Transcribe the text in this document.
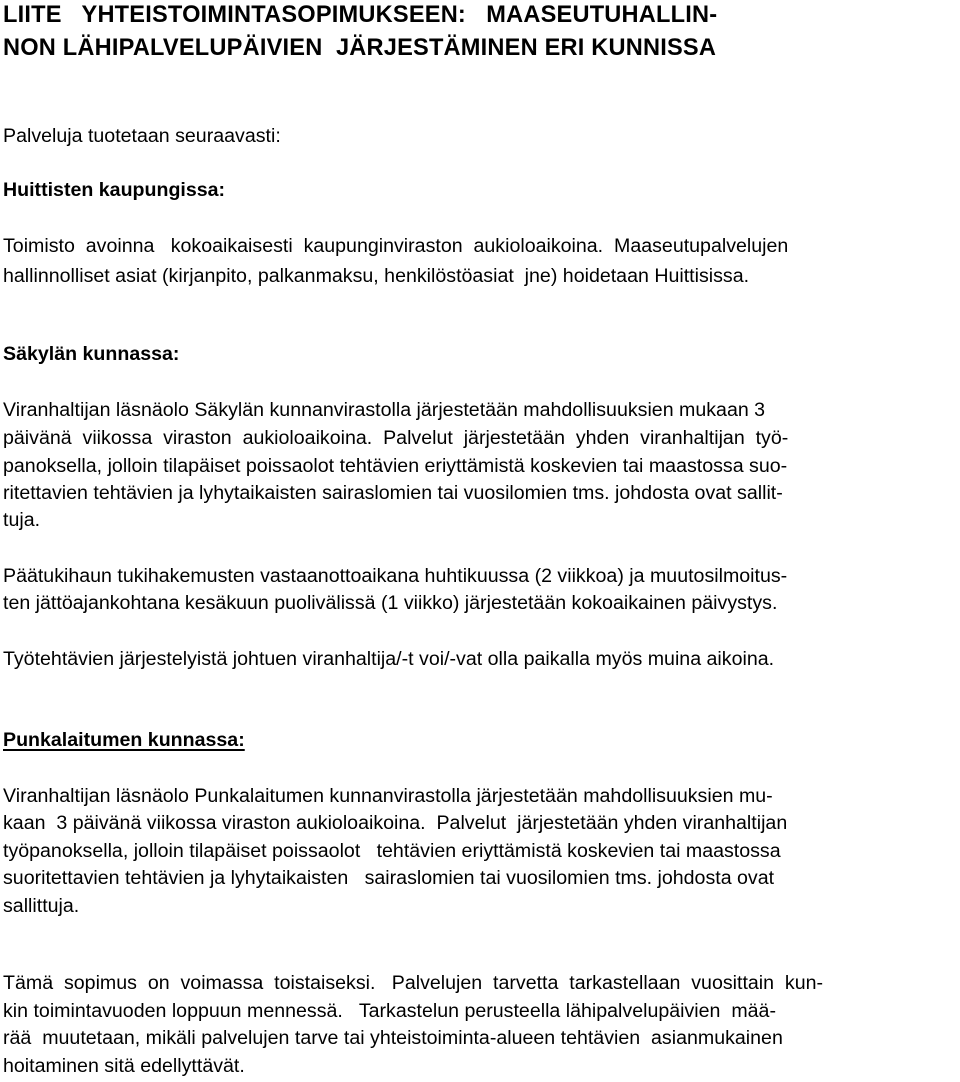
LIITE   YHTEISTOIMINTASOPIMUKSEEN:   MAASEUTUHALLIN-

NON LÄHIPALVELUPÄIVIEN  JÄRJESTÄMINEN ERI KUNNISSA

Palveluja tuotetaan seuraavasti:

Huittisten kaupungissa:

Toimisto  avoinna   kokoaikaisesti  kaupunginviraston  aukioloaikoina.  Maaseutupalvelujen

hallinnolliset asiat (kirjanpito, palkanmaksu, henkilöstöasiat  jne) hoidetaan Huittisissa.

Säkylän kunnassa:

Viranhaltijan läsnäolo Säkylän kunnanvirastolla järjestetään mahdollisuuksien mukaan 3

päivänä  viikossa  viraston  aukioloaikoina.  Palvelut  järjestetään  yhden  viranhaltijan  työ-

panoksella, jolloin tilapäiset poissaolot tehtävien eriyttämistä koskevien tai maastossa suo-

ritettavien tehtävien ja lyhytaikaisten sairaslomien tai vuosilomien tms. johdosta ovat sallit-

tuja.

Päätukihaun tukihakemusten vastaanottoaikana huhtikuussa (2 viikkoa) ja muutosilmoitus-

ten jättöajankohtana kesäkuun puolivälissä (1 viikko) järjestetään kokoaikainen päivystys.

Työtehtävien järjestelyistä johtuen viranhaltija/-t voi/-vat olla paikalla myös muina aikoina.

Punkalaitumen kunnassa:

Viranhaltijan läsnäolo Punkalaitumen kunnanvirastolla järjestetään mahdollisuuksien mu-

kaan  3 päivänä viikossa viraston aukioloaikoina.  Palvelut  järjestetään yhden viranhaltijan

työpanoksella, jolloin tilapäiset poissaolot   tehtävien eriyttämistä koskevien tai maastossa

suoritettavien tehtävien ja lyhytaikaisten   sairaslomien tai vuosilomien tms. johdosta ovat

sallittuja.

Tämä  sopimus  on  voimassa  toistaiseksi.   Palvelujen  tarvetta  tarkastellaan  vuosittain  kun-

kin toimintavuoden loppuun mennessä.   Tarkastelun perusteella lähipalvelupäivien  mää-

rää  muutetaan, mikäli palvelujen tarve tai yhteistoiminta-alueen tehtävien  asianmukainen

hoitaminen sitä edellyttävät.
